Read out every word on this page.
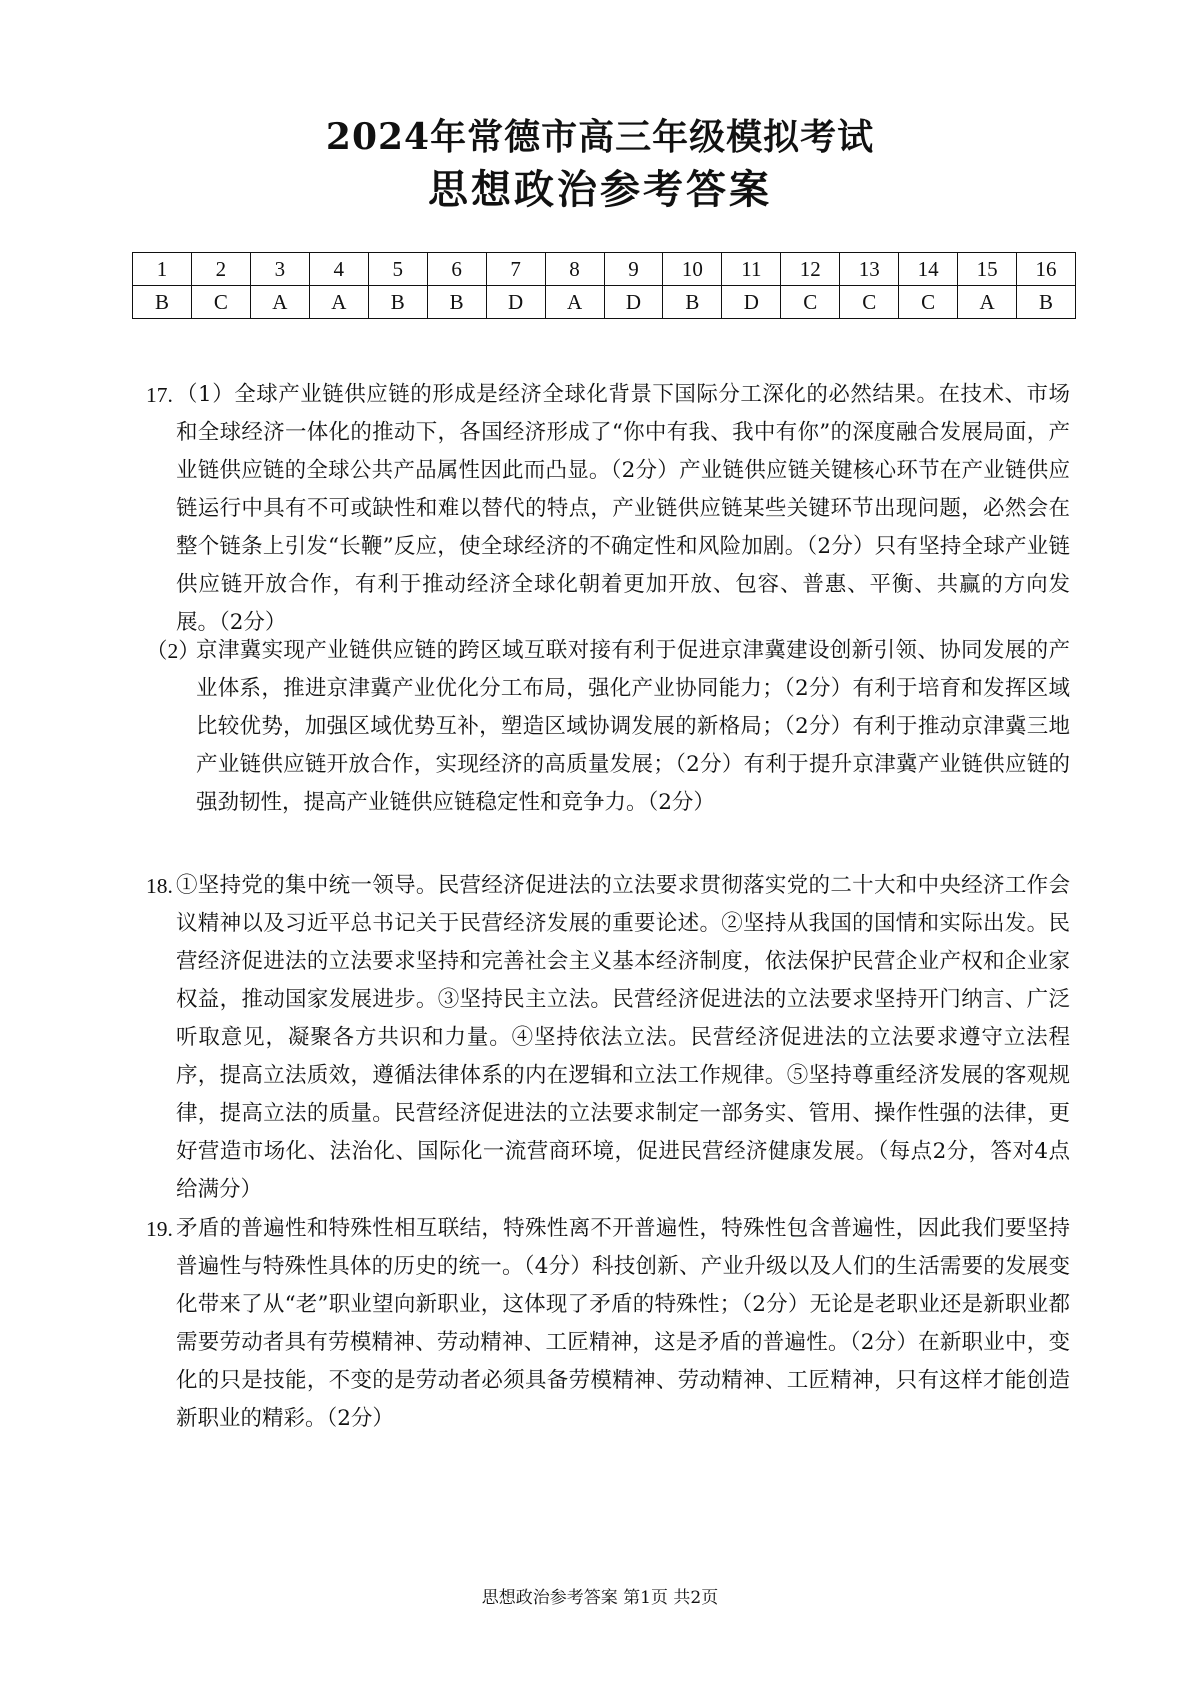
2024年常德市高三年级模拟考试
思想政治参考答案
1	2	3	4	5	6	7	8	9	10	11	12	13	14	15	16
B	C	A	A	B	B	D	A	D	B	D	C	C	C	A	B
17. （1）全球产业链供应链的形成是经济全球化背景下国际分工深化的必然结果。在技术、市场和全球经济一体化的推动下，各国经济形成了“你中有我、我中有你”的深度融合发展局面，产业链供应链的全球公共产品属性因此而凸显。（2分）产业链供应链关键核心环节在产业链供应链运行中具有不可或缺性和难以替代的特点，产业链供应链某些关键环节出现问题，必然会在整个链条上引发“长鞭”反应，使全球经济的不确定性和风险加剧。（2分）只有坚持全球产业链供应链开放合作，有利于推动经济全球化朝着更加开放、包容、普惠、平衡、共赢的方向发展。（2分）
（2）
京津冀实现产业链供应链的跨区域互联对接有利于促进京津冀建设创新引领、协同发展的产业体系，推进京津冀产业优化分工布局，强化产业协同能力；（2分）有利于培育和发挥区域比较优势，加强区域优势互补，塑造区域协调发展的新格局；（2分）有利于推动京津冀三地产业链供应链开放合作，实现经济的高质量发展；（2分）有利于提升京津冀产业链供应链的强劲韧性，提高产业链供应链稳定性和竞争力。（2分）
18. ①坚持党的集中统一领导。民营经济促进法的立法要求贯彻落实党的二十大和中央经济工作会议精神以及习近平总书记关于民营经济发展的重要论述。②坚持从我国的国情和实际出发。民营经济促进法的立法要求坚持和完善社会主义基本经济制度，依法保护民营企业产权和企业家权益，推动国家发展进步。③坚持民主立法。民营经济促进法的立法要求坚持开门纳言、广泛听取意见，凝聚各方共识和力量。④坚持依法立法。民营经济促进法的立法要求遵守立法程序，提高立法质效，遵循法律体系的内在逻辑和立法工作规律。⑤坚持尊重经济发展的客观规律，提高立法的质量。民营经济促进法的立法要求制定一部务实、管用、操作性强的法律，更好营造市场化、法治化、国际化一流营商环境，促进民营经济健康发展。（每点2分，答对4点给满分）
19. 矛盾的普遍性和特殊性相互联结，特殊性离不开普遍性，特殊性包含普遍性，因此我们要坚持普遍性与特殊性具体的历史的统一。（4分）科技创新、产业升级以及人们的生活需要的发展变化带来了从“老”职业望向新职业，这体现了矛盾的特殊性；（2分）无论是老职业还是新职业都需要劳动者具有劳模精神、劳动精神、工匠精神，这是矛盾的普遍性。（2分）在新职业中，变化的只是技能，不变的是劳动者必须具备劳模精神、劳动精神、工匠精神，只有这样才能创造新职业的精彩。（2分）
思想政治参考答案 第1页 共2页
